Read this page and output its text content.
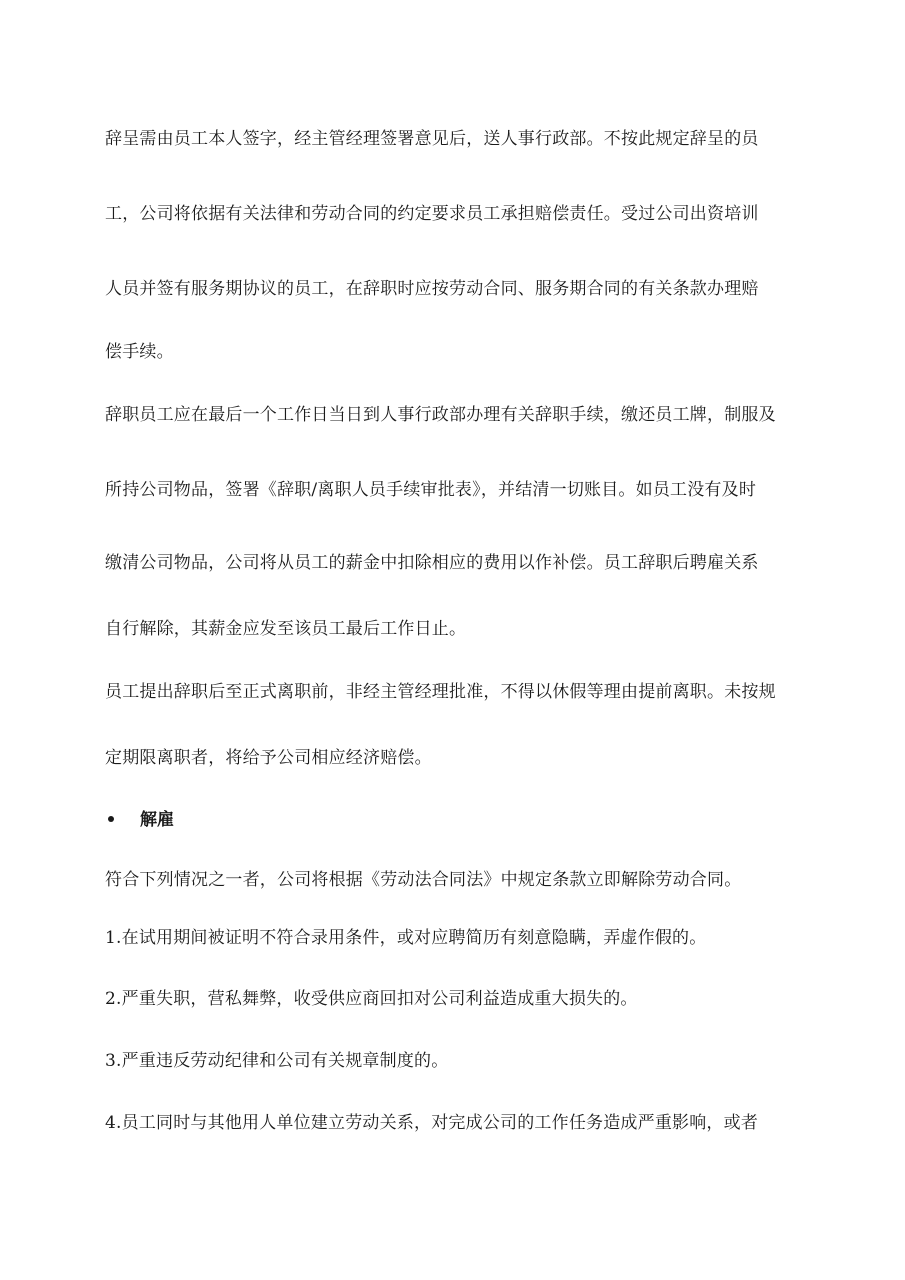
辞呈需由员工本人签字，经主管经理签署意见后，送人事行政部。不按此规定辞呈的员
工，公司将依据有关法律和劳动合同的约定要求员工承担赔偿责任。受过公司出资培训
人员并签有服务期协议的员工，在辞职时应按劳动合同、服务期合同的有关条款办理赔
偿手续。
辞职员工应在最后一个工作日当日到人事行政部办理有关辞职手续，缴还员工牌，制服及
所持公司物品，签署《辞职/离职人员手续审批表》，并结清一切账目。如员工没有及时
缴清公司物品，公司将从员工的薪金中扣除相应的费用以作补偿。员工辞职后聘雇关系
自行解除，其薪金应发至该员工最后工作日止。
员工提出辞职后至正式离职前，非经主管经理批准，不得以休假等理由提前离职。未按规
定期限离职者，将给予公司相应经济赔偿。
解雇
符合下列情况之一者，公司将根据《劳动法合同法》中规定条款立即解除劳动合同。
1.在试用期间被证明不符合录用条件，或对应聘简历有刻意隐瞒，弄虚作假的。
2.严重失职，营私舞弊，收受供应商回扣对公司利益造成重大损失的。
3.严重违反劳动纪律和公司有关规章制度的。
4.员工同时与其他用人单位建立劳动关系，对完成公司的工作任务造成严重影响，或者
